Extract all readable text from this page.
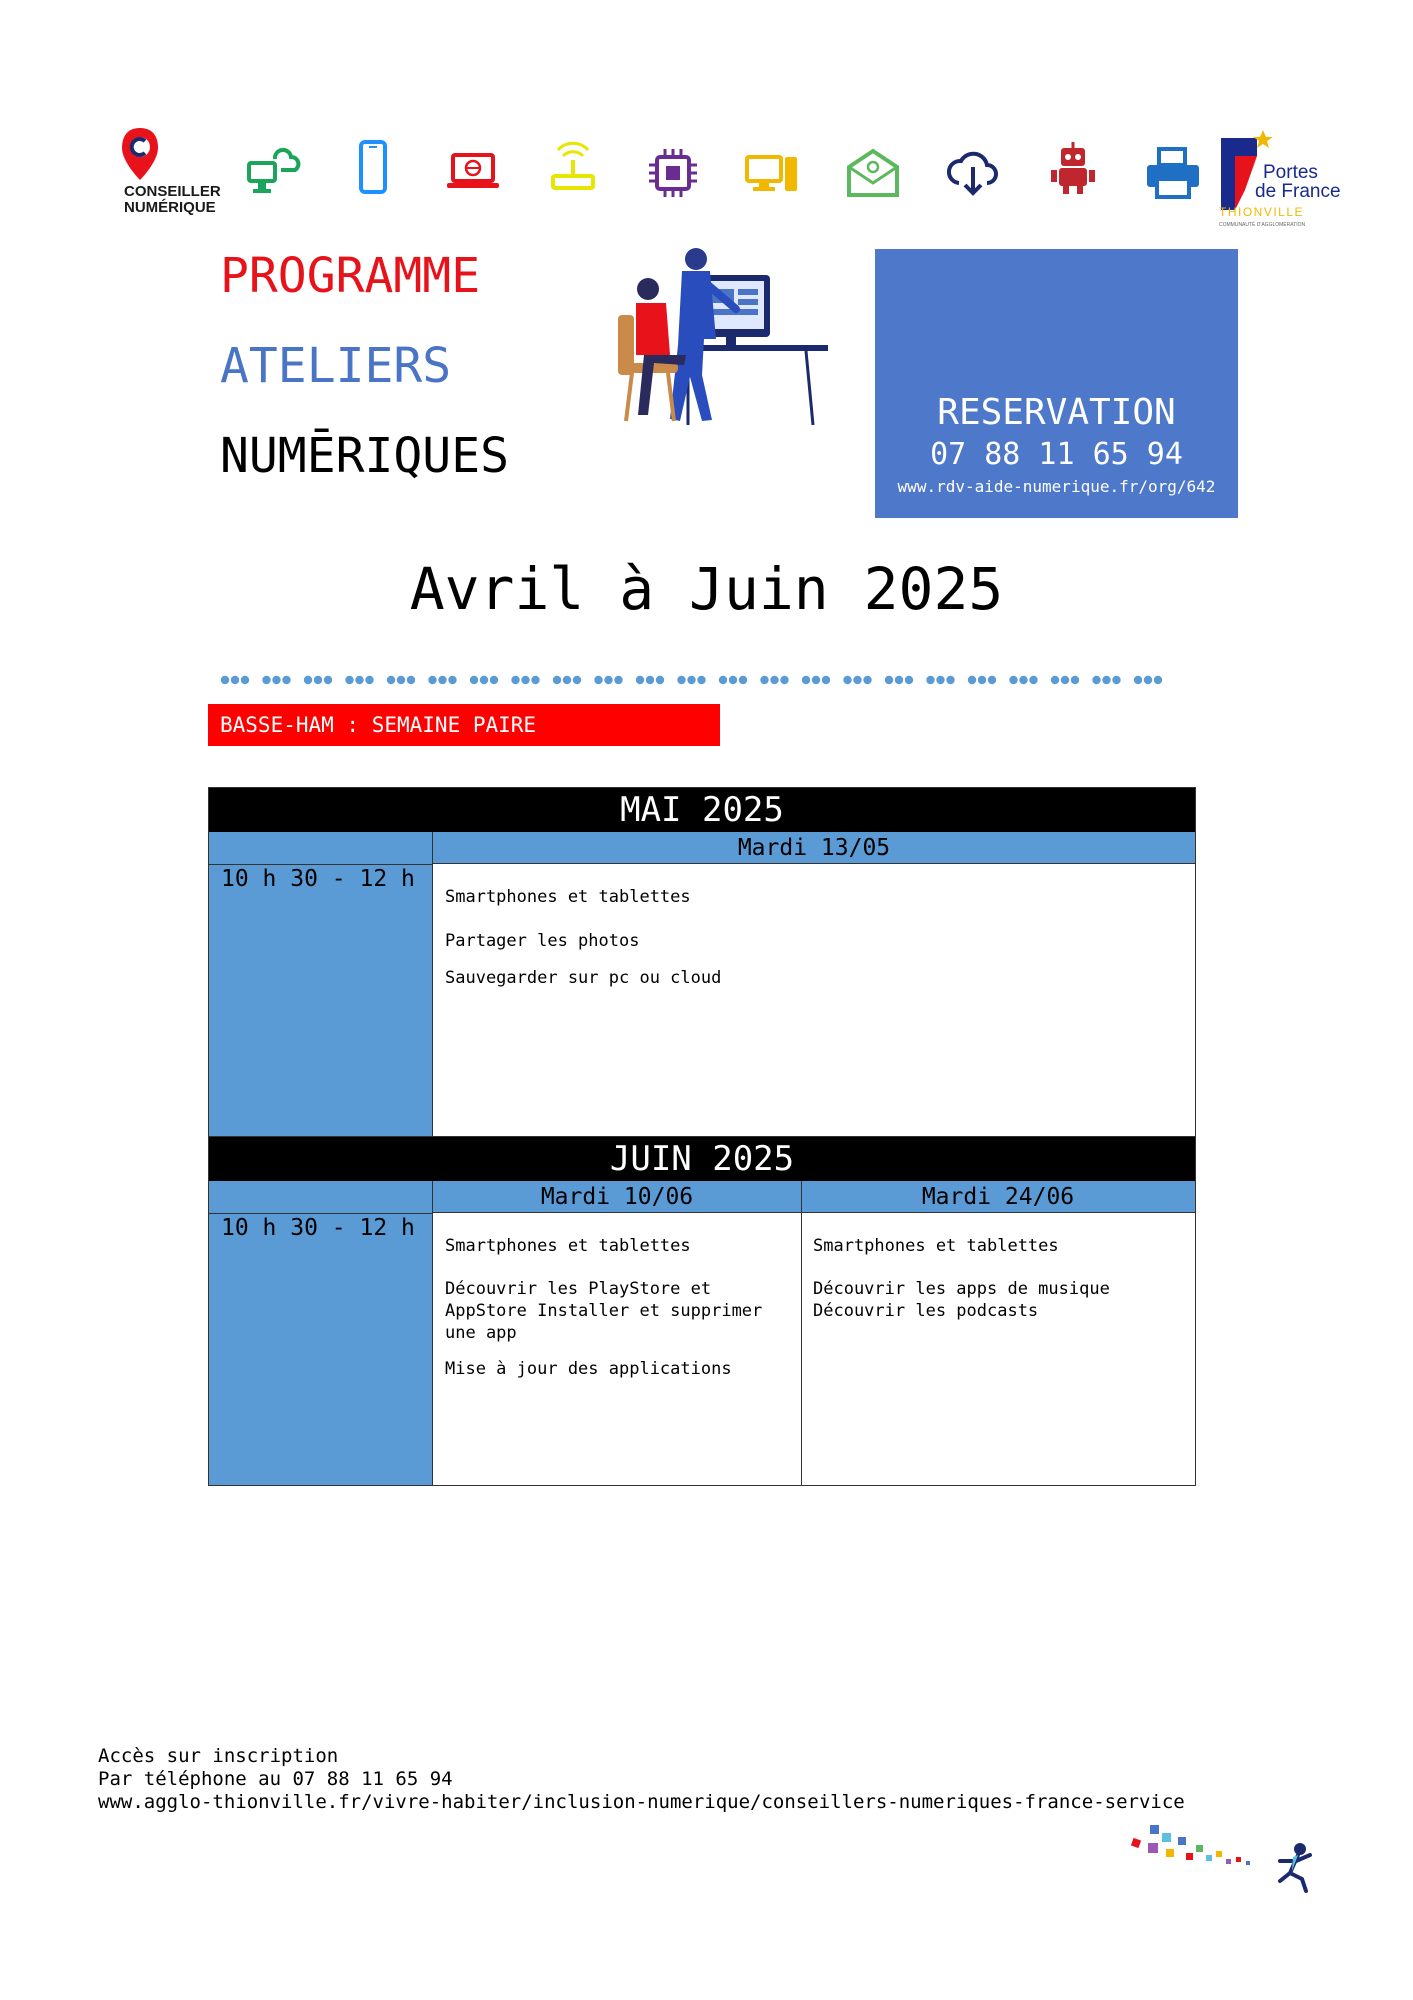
CONSEILLER
NUMÉRIQUE
Portes
de France
THIONVILLE
COMMUNAUTÉ D'AGGLOMÉRATION
PROGRAMME
ATELIERS
NUMĒRIQUES
RESERVATION
07 88 11 65 94
www.rdv-aide-numerique.fr/org/642
Avril à Juin 2025
BASSE-HAM : SEMAINE PAIRE
MAI 2025
Mardi 13/05
10 h 30 - 12 h
Smartphones et tablettes
Partager les photos
Sauvegarder sur pc ou cloud
JUIN 2025
Mardi 10/06	Mardi 24/06
10 h 30 - 12 h
Smartphones et tablettes
Découvrir les PlayStore et AppStore Installer et supprimer une app
Mise à jour des applications
Smartphones et tablettes
Découvrir les apps de musique
Découvrir les podcasts
Accès sur inscription
Par téléphone au 07 88 11 65 94
www.agglo-thionville.fr/vivre-habiter/inclusion-numerique/conseillers-numeriques-france-service
